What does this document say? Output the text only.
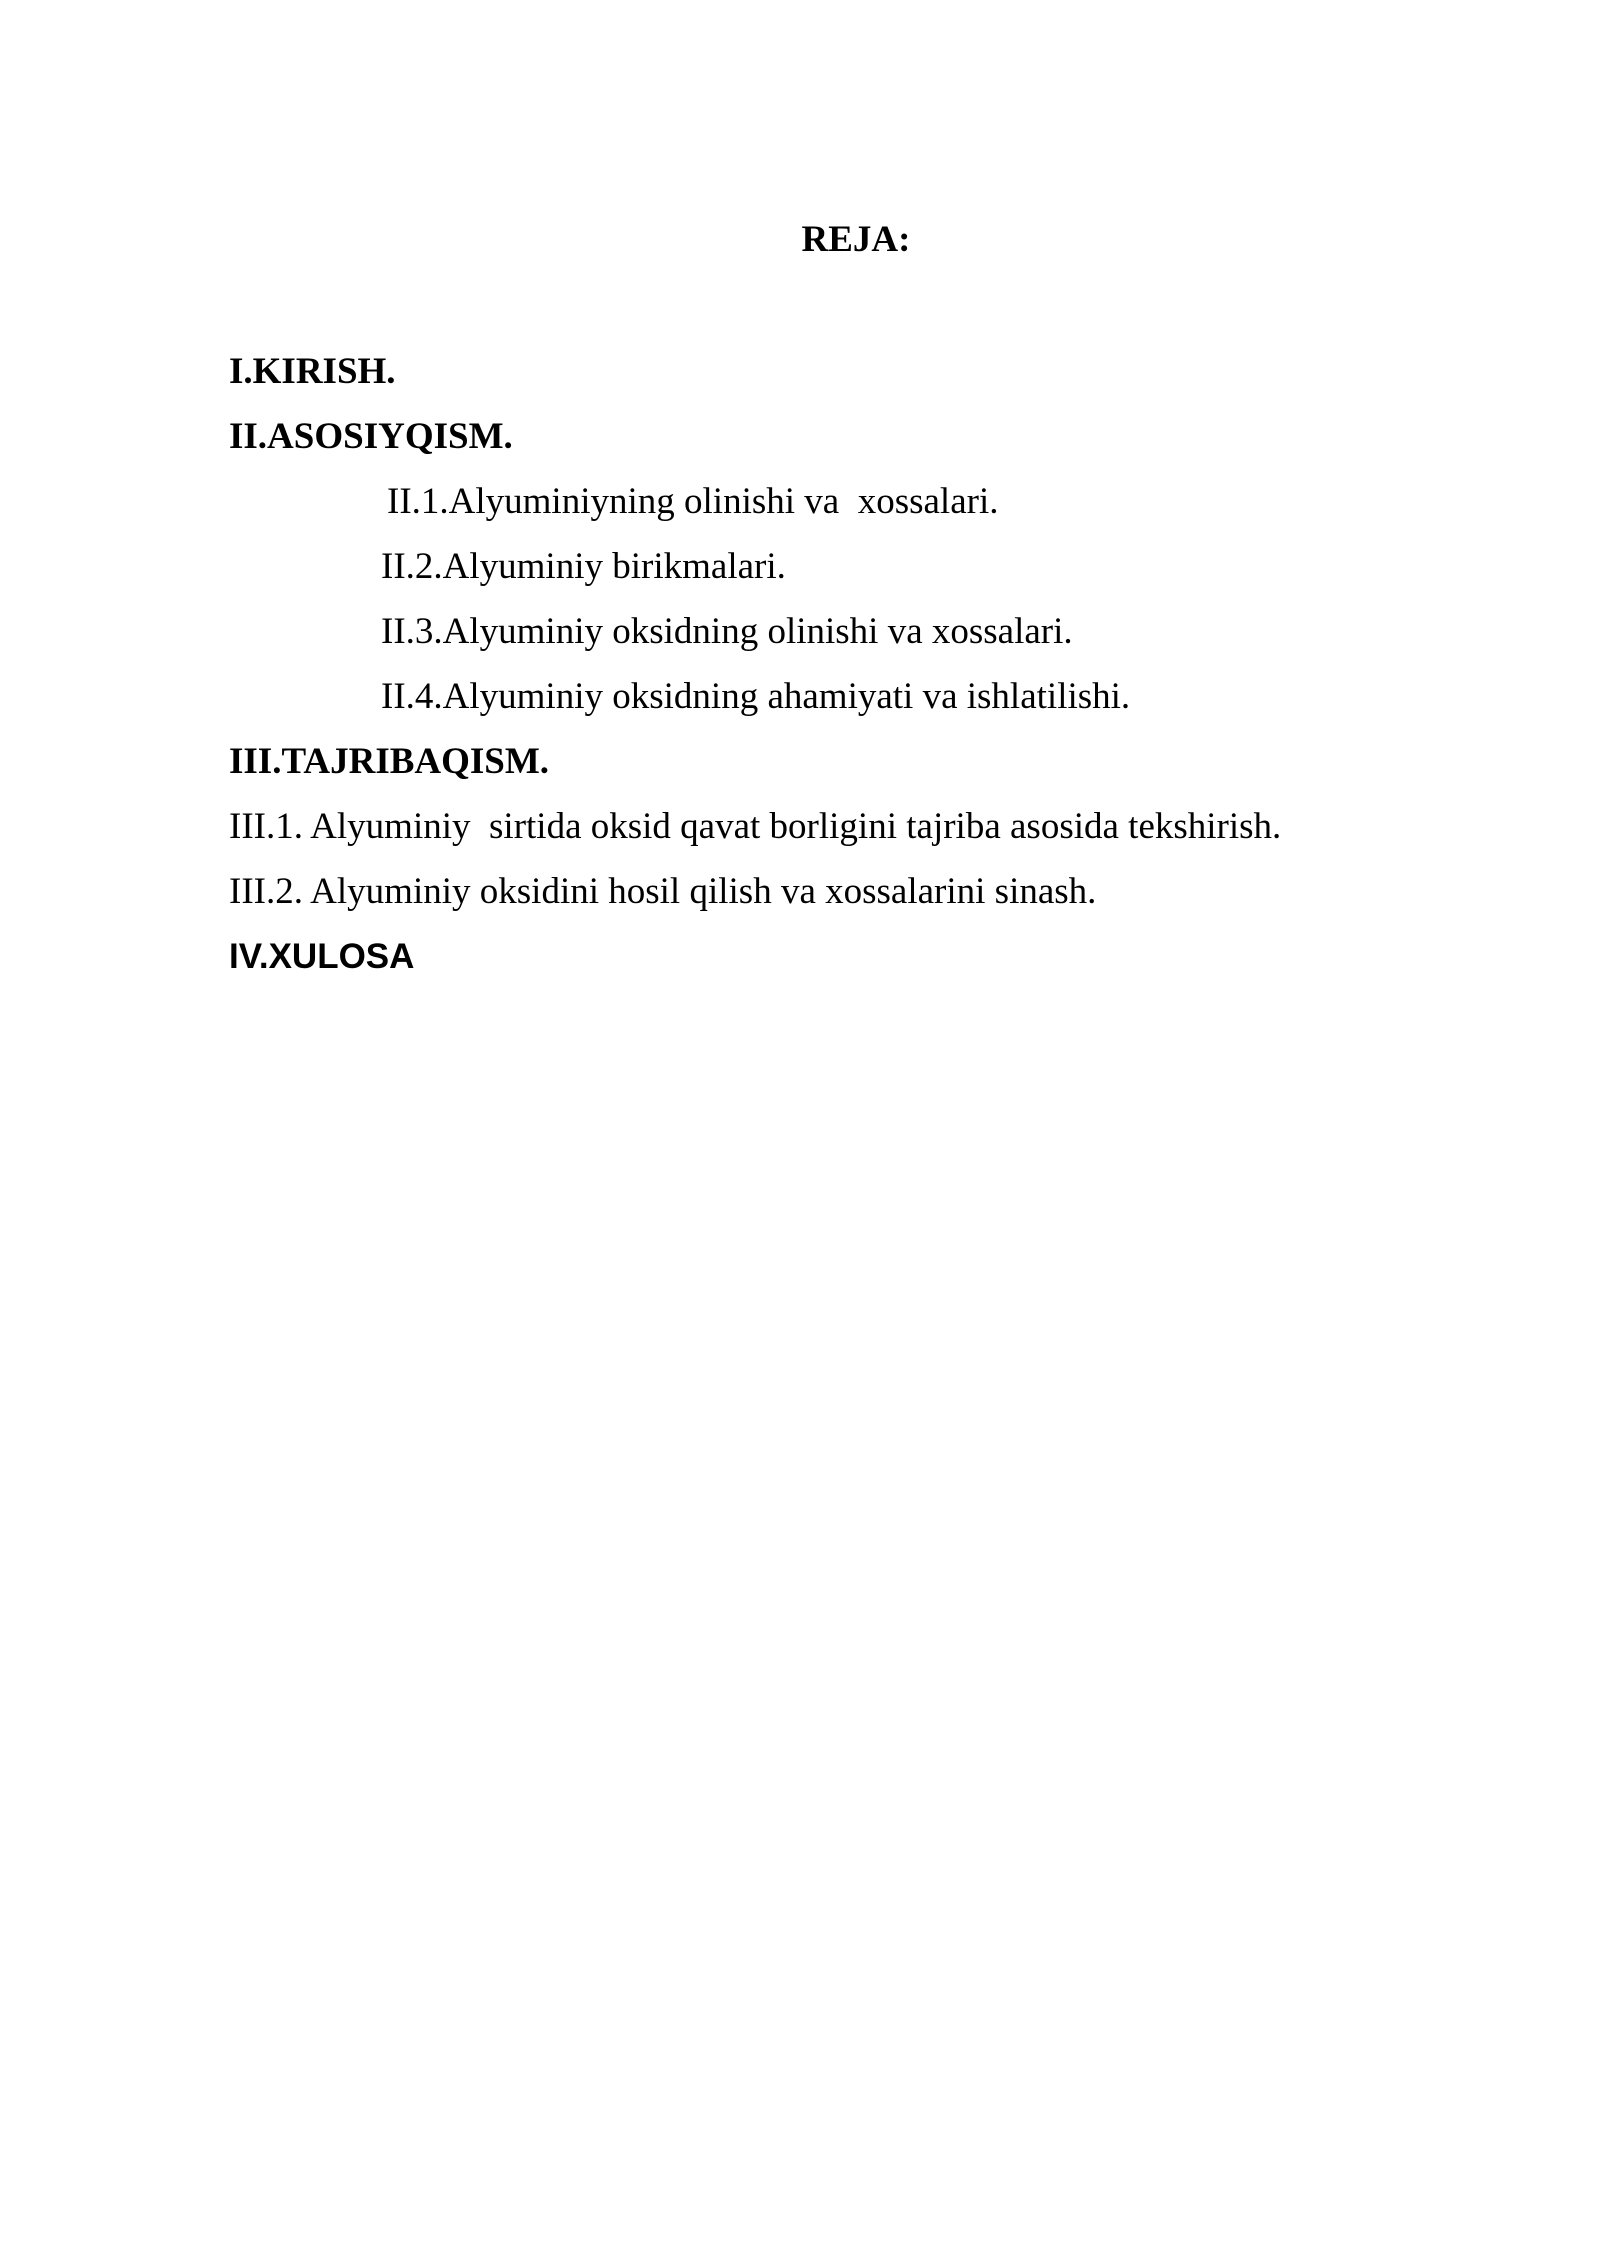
REJA:
I.KIRISH.
II.ASOSIYQISM.
II.1.Alyuminiyning olinishi va  xossalari.
II.2.Alyuminiy birikmalari.
II.3.Alyuminiy oksidning olinishi va xossalari.
II.4.Alyuminiy oksidning ahamiyati va ishlatilishi.
III.TAJRIBAQISM.
III.1. Alyuminiy  sirtida oksid qavat borligini tajriba asosida tekshirish.
III.2. Alyuminiy oksidini hosil qilish va xossalarini sinash.
IV.XULOSA
